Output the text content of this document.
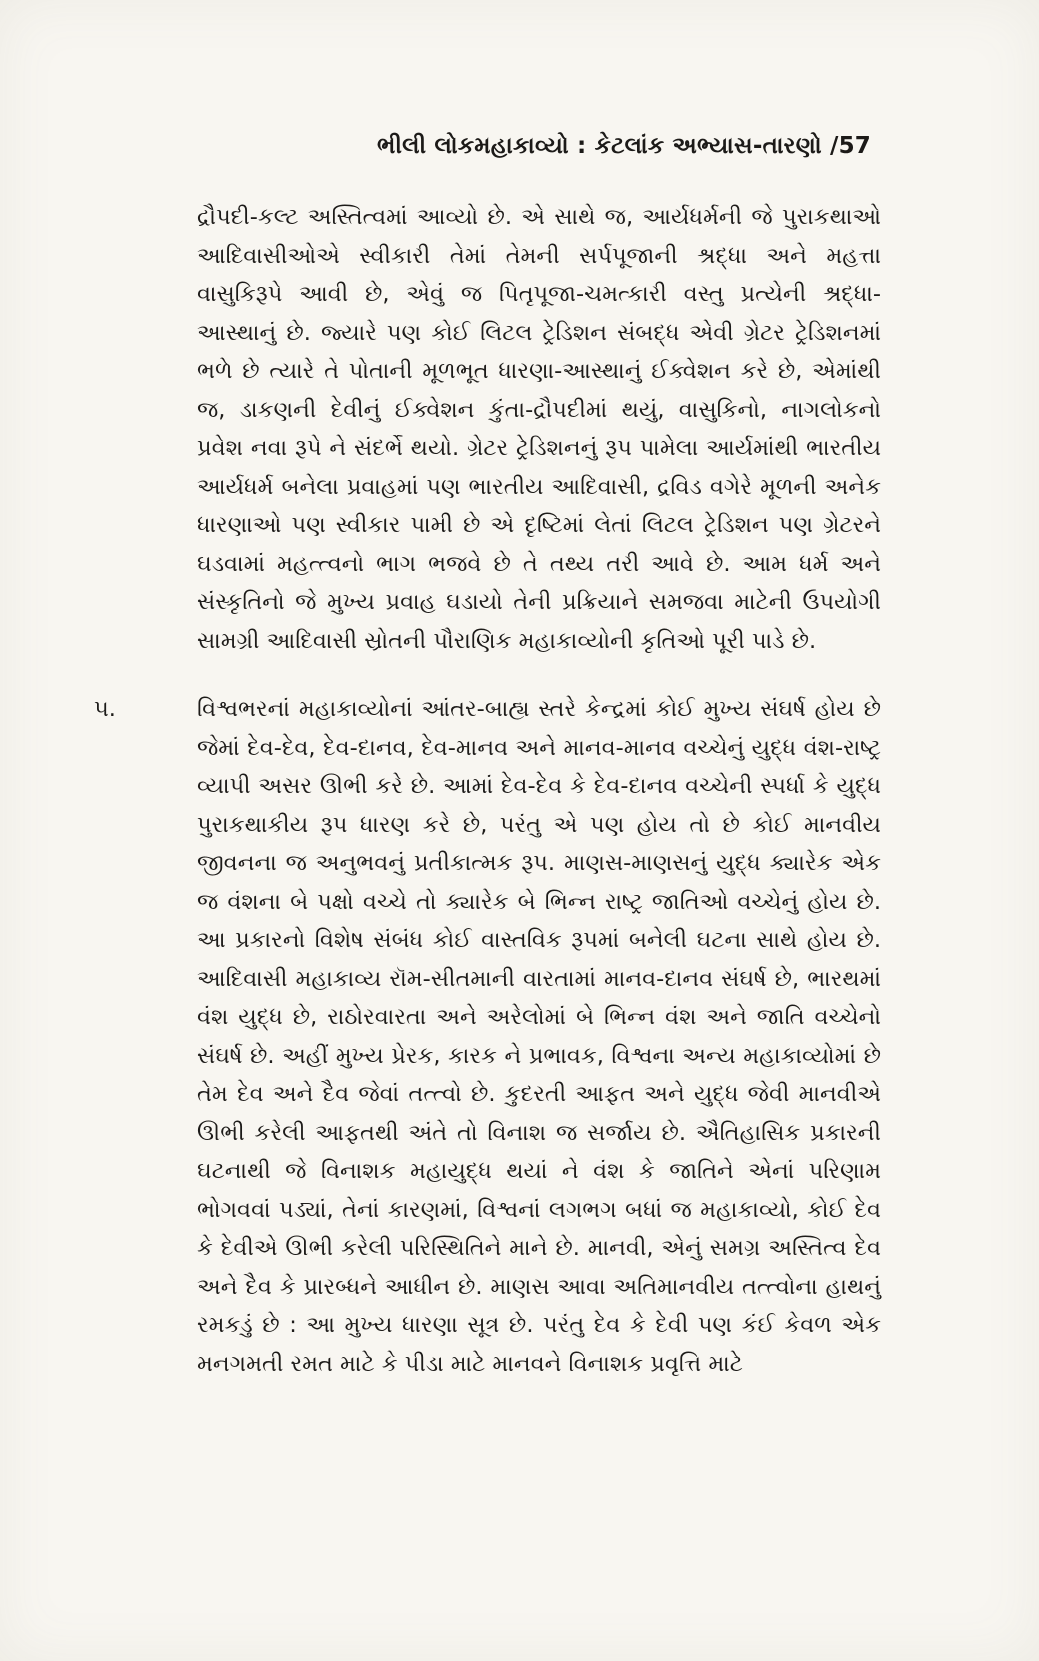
ભીલી લોકમહાકાવ્યો : કેટલાંક અભ્યાસ-તારણો /57

દ્રૌપદી-કલ્ટ અસ્તિત્વમાં આવ્યો છે. એ સાથે જ, આર્યધર્મની જે પુરાકથાઓ આદિવાસીઓએ સ્વીકારી તેમાં તેમની સર્પપૂજાની શ્રદ્ધા અને મહત્તા વાસુકિરૂપે આવી છે, એવું જ પિતૃપૂજા-ચમત્કારી વસ્તુ પ્રત્યેની શ્રદ્ધા-આસ્થાનું છે. જ્યારે પણ કોઈ લિટલ ટ્રેડિશન સંબદ્ધ એવી ગ્રેટર ટ્રેડિશનમાં ભળે છે ત્યારે તે પોતાની મૂળભૂત ધારણા-આસ્થાનું ઈક્વેશન કરે છે, એમાંથી જ, ડાકણની દેવીનું ઈક્વેશન કુંતા-દ્રૌપદીમાં થયું, વાસુકિનો, નાગલોકનો પ્રવેશ નવા રૂપે ને સંદર્ભે થયો. ગ્રેટર ટ્રેડિશનનું રૂપ પામેલા આર્યમાંથી ભારતીય આર્યધર્મ બનેલા પ્રવાહમાં પણ ભારતીય આદિવાસી, દ્રવિડ વગેરે મૂળની અનેક ધારણાઓ પણ સ્વીકાર પામી છે એ દૃષ્ટિમાં લેતાં લિટલ ટ્રેડિશન પણ ગ્રેટરને ઘડવામાં મહત્ત્વનો ભાગ ભજવે છે તે તથ્ય તરી આવે છે. આમ ધર્મ અને સંસ્કૃતિનો જે મુખ્ય પ્રવાહ ઘડાયો તેની પ્રક્રિયાને સમજવા માટેની ઉપયોગી સામગ્રી આદિવાસી સ્રોતની પૌરાણિક મહાકાવ્યોની કૃતિઓ પૂરી પાડે છે.

૫.	વિશ્વભરનાં મહાકાવ્યોનાં આંતર-બાહ્ય સ્તરે કેન્દ્રમાં કોઈ મુખ્ય સંઘર્ષ હોય છે જેમાં દેવ-દેવ, દેવ-દાનવ, દેવ-માનવ અને માનવ-માનવ વચ્ચેનું યુદ્ધ વંશ-રાષ્ટ્ર વ્યાપી અસર ઊભી કરે છે. આમાં દેવ-દેવ કે દેવ-દાનવ વચ્ચેની સ્પર્ધા કે યુદ્ધ પુરાકથાકીય રૂપ ધારણ કરે છે, પરંતુ એ પણ હોય તો છે કોઈ માનવીય જીવનના જ અનુભવનું પ્રતીકાત્મક રૂપ. માણસ-માણસનું યુદ્ધ ક્યારેક એક જ વંશના બે પક્ષો વચ્ચે તો ક્યારેક બે ભિન્ન રાષ્ટ્ર જાતિઓ વચ્ચેનું હોય છે. આ પ્રકારનો વિશેષ સંબંધ કોઈ વાસ્તવિક રૂપમાં બનેલી ઘટના સાથે હોય છે. આદિવાસી મહાકાવ્ય રૉમ-સીતમાની વારતામાં માનવ-દાનવ સંઘર્ષ છે, ભારથમાં વંશ યુદ્ધ છે, રાઠોરવારતા અને અરેલોમાં બે ભિન્ન વંશ અને જાતિ વચ્ચેનો સંઘર્ષ છે. અહીં મુખ્ય પ્રેરક, કારક ને પ્રભાવક, વિશ્વના અન્ય મહાકાવ્યોમાં છે તેમ દેવ અને દૈવ જેવાં તત્ત્વો છે. કુદરતી આફત અને યુદ્ધ જેવી માનવીએ ઊભી કરેલી આફતથી અંતે તો વિનાશ જ સર્જાય છે. ઐતિહાસિક પ્રકારની ઘટનાથી જે વિનાશક મહાયુદ્ધ થયાં ને વંશ કે જાતિને એનાં પરિણામ ભોગવવાં પડ્યાં, તેનાં કારણમાં, વિશ્વનાં લગભગ બધાં જ મહાકાવ્યો, કોઈ દેવ કે દેવીએ ઊભી કરેલી પરિસ્થિતિને માને છે. માનવી, એનું સમગ્ર અસ્તિત્વ દેવ અને દૈવ કે પ્રારબ્ધને આધીન છે. માણસ આવા અતિમાનવીય તત્ત્વોના હાથનું રમકડું છે : આ મુખ્ય ધારણા સૂત્ર છે. પરંતુ દેવ કે દેવી પણ કંઈ કેવળ એક મનગમતી રમત માટે કે પીડા માટે માનવને વિનાશક પ્રવૃત્તિ માટે
